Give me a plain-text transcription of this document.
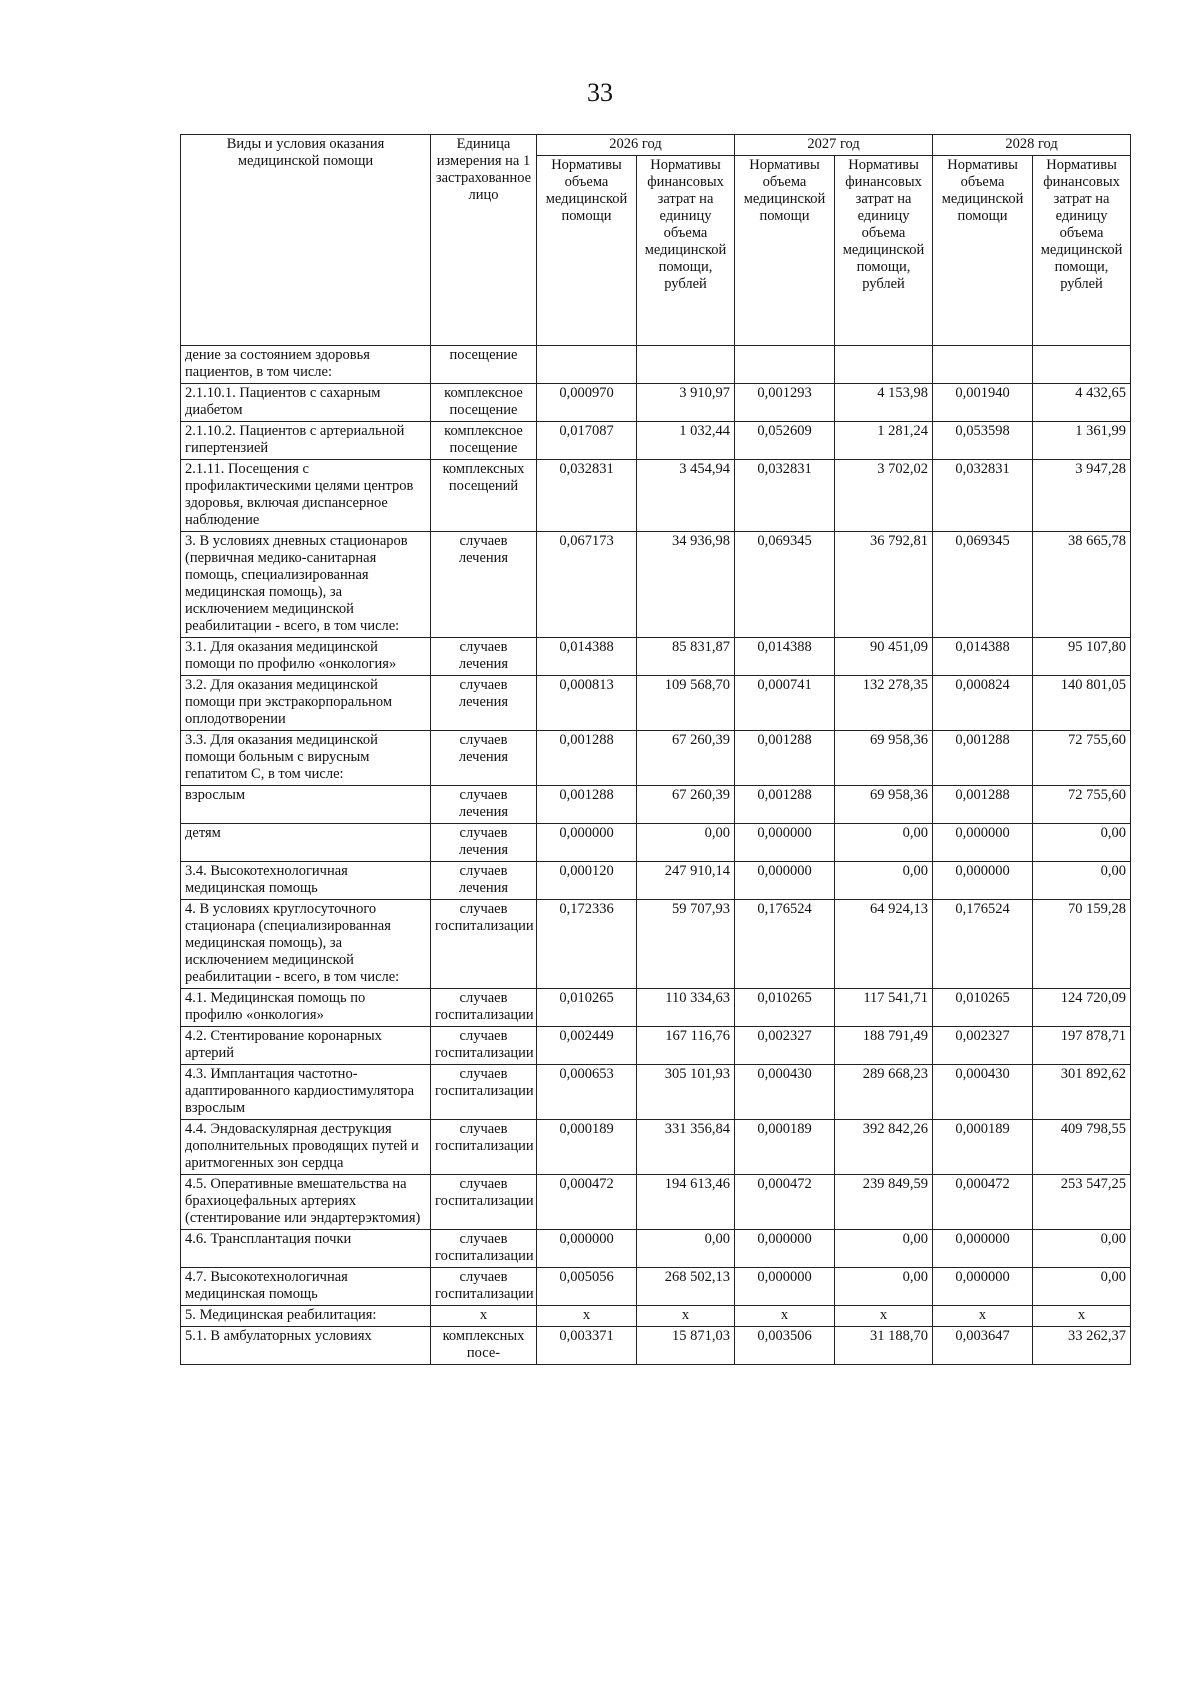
33
Виды и условия оказания медицинской помощи	Единица измерения на 1 застрахованное лицо	2026 год		2027 год		2028 год	
		Нормативы объема медицинской помощи	Нормативы финансовых затрат на единицу объема медицинской помощи, рублей	Нормативы объема медицинской помощи	Нормативы финансовых затрат на единицу объема медицинской помощи, рублей	Нормативы объема медицинской помощи	Нормативы финансовых затрат на единицу объема медицинской помощи, рублей
дение за состоянием здоровья пациентов, в том числе:	посещение						
2.1.10.1. Пациентов с сахарным диабетом	комплексное посещение	0,000970	3 910,97	0,001293	4 153,98	0,001940	4 432,65
2.1.10.2. Пациентов с артериальной гипертензией	комплексное посещение	0,017087	1 032,44	0,052609	1 281,24	0,053598	1 361,99
2.1.11. Посещения с профилактическими целями центров здоровья, включая диспансерное наблюдение	комплексных посещений	0,032831	3 454,94	0,032831	3 702,02	0,032831	3 947,28
3. В условиях дневных стационаров (первичная медико-санитарная помощь, специализированная медицинская помощь), за исключением медицинской реабилитации - всего, в том числе:	случаев лечения	0,067173	34 936,98	0,069345	36 792,81	0,069345	38 665,78
3.1. Для оказания медицинской помощи по профилю «онкология»	случаев лечения	0,014388	85 831,87	0,014388	90 451,09	0,014388	95 107,80
3.2. Для оказания медицинской помощи при экстракорпоральном оплодотворении	случаев лечения	0,000813	109 568,70	0,000741	132 278,35	0,000824	140 801,05
3.3. Для оказания медицинской помощи больным с вирусным гепатитом С, в том числе:	случаев лечения	0,001288	67 260,39	0,001288	69 958,36	0,001288	72 755,60
взрослым	случаев лечения	0,001288	67 260,39	0,001288	69 958,36	0,001288	72 755,60
детям	случаев лечения	0,000000	0,00	0,000000	0,00	0,000000	0,00
3.4. Высокотехнологичная медицинская помощь	случаев лечения	0,000120	247 910,14	0,000000	0,00	0,000000	0,00
4. В условиях круглосуточного стационара (специализированная медицинская помощь), за исключением медицинской реабилитации - всего, в том числе:	случаев госпитализации	0,172336	59 707,93	0,176524	64 924,13	0,176524	70 159,28
4.1. Медицинская помощь по профилю «онкология»	случаев госпитализации	0,010265	110 334,63	0,010265	117 541,71	0,010265	124 720,09
4.2. Стентирование коронарных артерий	случаев госпитализации	0,002449	167 116,76	0,002327	188 791,49	0,002327	197 878,71
4.3. Имплантация частотно-адаптированного кардиостимулятора взрослым	случаев госпитализации	0,000653	305 101,93	0,000430	289 668,23	0,000430	301 892,62
4.4. Эндоваскулярная деструкция дополнительных проводящих путей и аритмогенных зон сердца	случаев госпитализации	0,000189	331 356,84	0,000189	392 842,26	0,000189	409 798,55
4.5. Оперативные вмешательства на брахиоцефальных артериях (стентирование или эндартерэктомия)	случаев госпитализации	0,000472	194 613,46	0,000472	239 849,59	0,000472	253 547,25
4.6. Трансплантация почки	случаев госпитализации	0,000000	0,00	0,000000	0,00	0,000000	0,00
4.7. Высокотехнологичная медицинская помощь	случаев госпитализации	0,005056	268 502,13	0,000000	0,00	0,000000	0,00
5. Медицинская реабилитация:	х	х	х	х	х	х	х
5.1. В амбулаторных условиях	комплексных посе-	0,003371	15 871,03	0,003506	31 188,70	0,003647	33 262,37
